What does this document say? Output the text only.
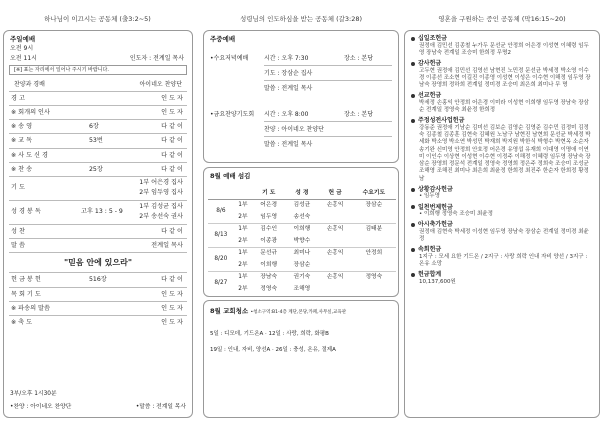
하나님이 이끄시는 공동체 (출3:2~5)
주일예배
오전 9시
오전 11시	인도자 : 전계일 목사
[※] 표는 자리에서 일어나 주시기 바랍니다.
찬양과 경배	아이네오 찬양단
경 고	인 도 자
※ 회개의 인사	인 도 자
※ 송 영	6장	다 같 이
※ 교 독	53번	다 같 이
※ 사 도 신 경	다 같 이
※ 찬 송	25장	다 같 이
기 도
1부 어은경 집사
2부 임두영 집사
성 경 봉 독	고후 13 : 5 - 9
1부 김성균 집사
2부 송선숙 권사
성 찬	다 같 이
말 씀	전계일 목사
"믿음 안에 있으라"
헌 금 봉 헌	516장	다 같 이
목 회 기 도	인 도 자
※ 파송의 말씀	인 도 자
※ 축 도	인 도 자
3부/오후 1시30분
•찬양 : 아이네오 찬양단	•말씀 : 전계일 목사
성령님의 인도하심을 받는 공동체 (갈3:28)
주중예배
•수요저녁예배	시간 : 오후 7:30	장소 : 본당
기도 : 장삼순 집사
말씀 : 전계일 목사
•금요찬양기도회 시간 : 오후 8:00	장소 : 본당
찬양 : 아이네오 찬양단
말씀 : 전계일 목사
8월 예배 섬김
		기 도	성 경	헌 금	수요기도
8/6	1부	어은경	김성균	손홍익	장삼순
	2부	임두영	송선숙		
8/13	1부	김수인	이희행	손홍익	김태분
	2부	이종광	박향수		
8/20	1부	문선규	최미나	손홍익	안정희
	2부	이희행	장삼순		
8/27	1부	장남숙	권기숙	손홍익	정영숙
	2부	정영숙	조해영		
8월 교회청소 •청소구역:B1-4층 계단,본당,카페,사무실,교육관
5일 : 디모데, 기드온A · 12일 : 사랑, 희락, 화평B
19일 : 인내, 자비, 양선A · 26일 : 충성, 온유, 절제A
영혼을 구원하는 증인 공동체 (막16:15~20)
십일조헌금
권정애 김민선 김종철 누가두 문선균 안정희 어은경 이성현 이혜령 임두영 장남숙 전계일 조승미 한희정 무명2
감사헌금
고두현 권정애 김민선 김영선 남현진 노민정 문선균 박세정 박소영 이수경 이종선 조소현 이길진 이종영 이성현 이성은 이수현 이해정 임두영 장남숙 장영희 정하희 전계일 정미경 조승미 최은희 최미나 무 명
선교헌금
박세정 손홍익 안정희 어은경 이미라 이성현 이희행 임두영 장남숙 장삼순 전계일 정영숙 최윤정 한희정
주정성전사업헌금
강동준 권정애 기남순 김미선 김보순 김영순 김영준 김수민 김정미 김정숙 김종철 김종훈 김현숙 김혜원 노남구 남현진 남현희 문선균 박세정 박세화 박소영 박소연 박성민 박재희 박지원 박한식 박형수 박현옥 소순자 송기완 신미영 안정희 안호정 어은경 유영섭 유재희 이대영 이명애 이연미 이인수 이상현 이성현 이수현 이정주 이해정 이혜령 임두영 장남숙 장삼순 장영희 정문석 전계일 정영숙 정영희 정은주 정희숙 조승미 조성균 조해영 조해진 최미나 최은희 최윤정 한희정 최진주 한순자 한희정 황정남
상황감사헌금
• 임두영
일천번제헌금
• 이희행 정영숙 조승미 최윤정
아시축가헌금
권정애 김현숙 박세정 이성현 임두영 장남숙 장삼순 전계일 정미경 최윤정
속회헌금
1지구 : 모세 요한 기드온 / 2지구 : 사랑 희락 인내 자비 양선 / 3지구 : 온유 소망
헌금합계
10,137,600원
